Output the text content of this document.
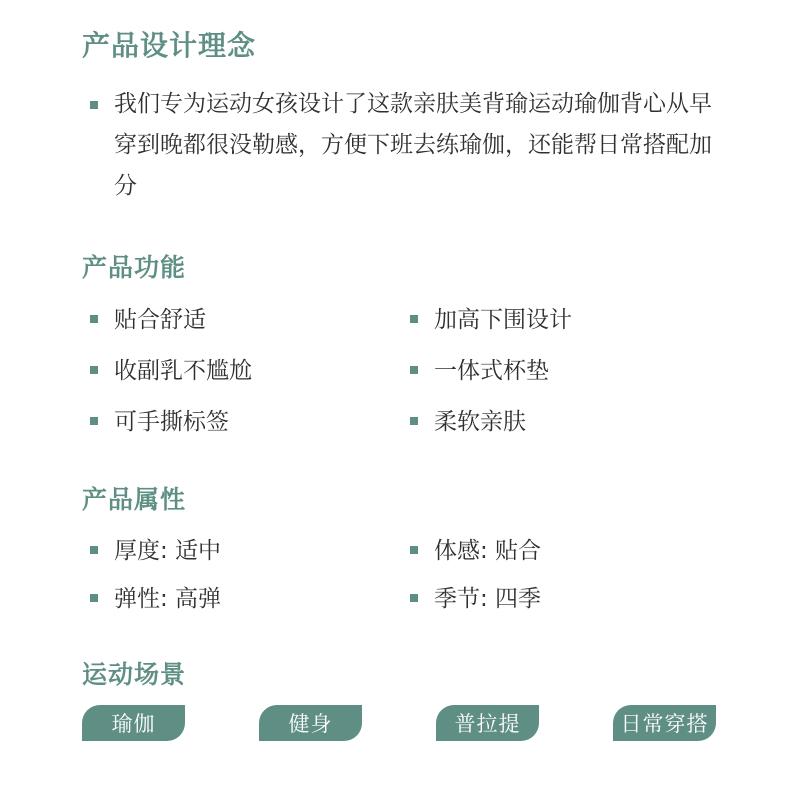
产品设计理念
我们专为运动女孩设计了这款亲肤美背瑜运动瑜伽背心从早穿到晚都很没勒感，方便下班去练瑜伽，还能帮日常搭配加分
产品功能
贴合舒适	加高下围设计
收副乳不尴尬	一体式杯垫
可手撕标签	柔软亲肤
产品属性
厚度: 适中	体感: 贴合
弹性: 高弹	季节: 四季
运动场景
瑜伽	健身	普拉提	日常穿搭
